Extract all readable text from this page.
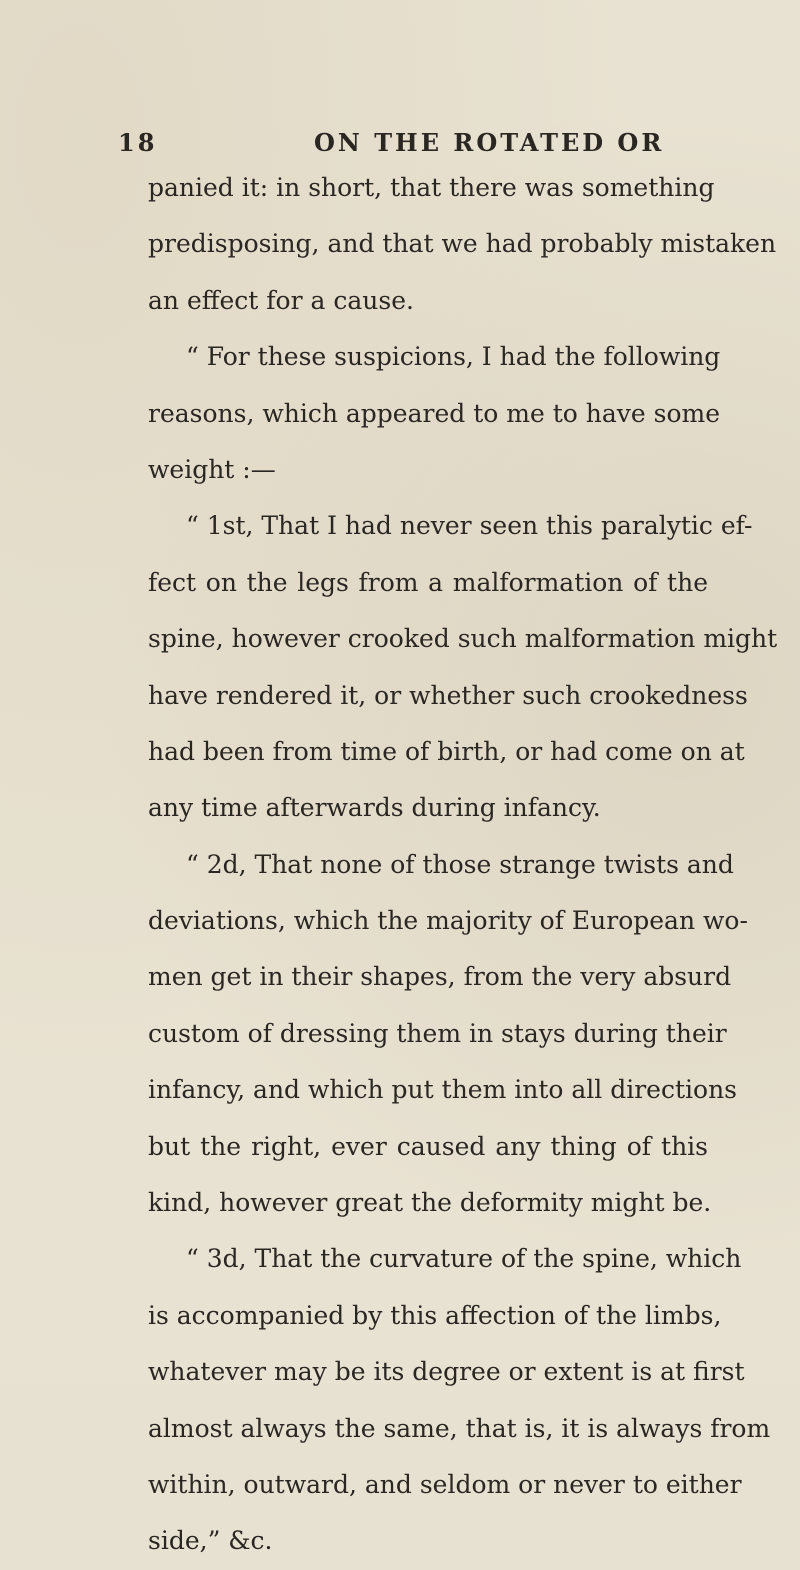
18	ON THE ROTATED OR
panied it: in short, that there was something
predisposing, and that we had probably mistaken
an effect for a cause.
“ For these suspicions, I had the following
reasons, which appeared to me to have some
weight :—
“ 1st, That I had never seen this paralytic ef-
fect on the legs from a malformation of the
spine, however crooked such malformation might
have rendered it, or whether such crookedness
had been from time of birth, or had come on at
any time afterwards during infancy.
“ 2d, That none of those strange twists and
deviations, which the majority of European wo-
men get in their shapes, from the very absurd
custom of dressing them in stays during their
infancy, and which put them into all directions
but the right, ever caused any thing of this
kind, however great the deformity might be.
“ 3d, That the curvature of the spine, which
is accompanied by this affection of the limbs,
whatever may be its degree or extent is at first
almost always the same, that is, it is always from
within, outward, and seldom or never to either
side,” &c.
